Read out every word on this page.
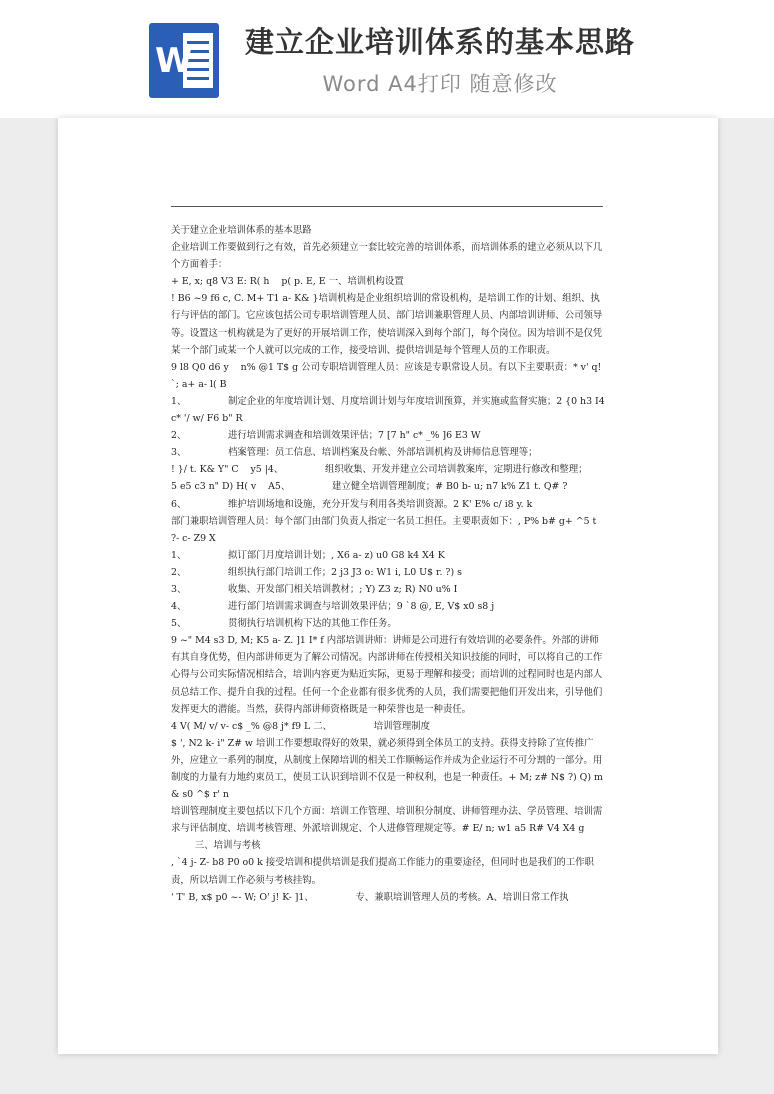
W 建立企业培训体系的基本思路
Word A4打印 随意修改

关于建立企业培训体系的基本思路

企业培训工作要做到行之有效，首先必须建立一套比较完善的培训体系，而培训体系的建立必须从以下几个方面着手：

+ E, x; q8 V3 E: R( h    p( p. E, E 一、培训机构设置

! B6 ~9 f6 c, C. M+ T1 a- K& }培训机构是企业组织培训的常设机构，是培训工作的计划、组织、执行与评估的部门。它应该包括公司专职培训管理人员、部门培训兼职管理人员、内部培训讲师、公司领导等。设置这一机构就是为了更好的开展培训工作，使培训深入到每个部门，每个岗位。因为培训不是仅凭某一个部门或某一个人就可以完成的工作，接受培训、提供培训是每个管理人员的工作职责。

9 l8 Q0 d6 y    n% @1 T$ g 公司专职培训管理人员：应该是专职常设人员。有以下主要职责：* v' q! `; a+ a- l( B

1、              制定企业的年度培训计划、月度培训计划与年度培训预算，并实施或监督实施；2 {0 h3 I4 c* '/ w/ F6 b" R

2、              进行培训需求调查和培训效果评估；7 [7 h" c* _% ]6 E3 W

3、              档案管理：员工信息、培训档案及台帐、外部培训机构及讲师信息管理等；

! }/ t. K& Y" C    y5 |4、              组织收集、开发并建立公司培训教案库，定期进行修改和整理；

5 e5 c3 n" D) H( v    A5、              建立健全培训管理制度；# B0 b- u; n7 k% Z1 t. Q# ?

6、              维护培训场地和设施，充分开发与利用各类培训资源。2 K' E% c/ i8 y. k

部门兼职培训管理人员：每个部门由部门负责人指定一名员工担任。主要职责如下：, P% b# g+ ^5 t    ?- c- Z9 X

1、              拟订部门月度培训计划；, X6 a- z) u0 G8 k4 X4 K

2、              组织执行部门培训工作；2 j3 J3 o: W1 i, L0 U$ r. ?) s

3、              收集、开发部门相关培训教材；; Y) Z3 z; R) N0 u% I

4、              进行部门培训需求调查与培训效果评估；9 `8 @, E, V$ x0 s8 j

5、              贯彻执行培训机构下达的其他工作任务。

9 ~" M4 s3 D, M; K5 a- Z. ]1 I* f 内部培训讲师：讲师是公司进行有效培训的必要条件。外部的讲师有其自身优势，但内部讲师更为了解公司情况。内部讲师在传授相关知识技能的同时，可以将自己的工作心得与公司实际情况相结合，培训内容更为贴近实际，更易于理解和接受；而培训的过程同时也是内部人员总结工作、提升自我的过程。任何一个企业都有很多优秀的人员，我们需要把他们开发出来，引导他们发挥更大的潜能。当然，获得内部讲师资格既是一种荣誉也是一种责任。

4 V( M/ v/ v- c$ _% @8 j* f9 L 二、              培训管理制度

$ ', N2 k- i" Z# w 培训工作要想取得好的效果，就必须得到全体员工的支持。获得支持除了宣传推广外，应建立一系列的制度，从制度上保障培训的相关工作顺畅运作并成为企业运行不可分割的一部分。用制度的力量有力地约束员工，使员工认识到培训不仅是一种权利，也是一种责任。+ M; z# N$ ?) Q) m& s0 ^$ r' n

培训管理制度主要包括以下几个方面：培训工作管理、培训积分制度、讲师管理办法、学员管理、培训需求与评估制度、培训考核管理、外派培训规定、个人进修管理规定等。# E/ n; w1 a5 R# V4 X4 g

三、培训与考核

, `4 j- Z- b8 P0 o0 k 接受培训和提供培训是我们提高工作能力的重要途径，但同时也是我们的工作职责，所以培训工作必须与考核挂钩。

' T' B, x$ p0 ~- W; O' j! K- ]1、              专、兼职培训管理人员的考核。A、培训日常工作执
